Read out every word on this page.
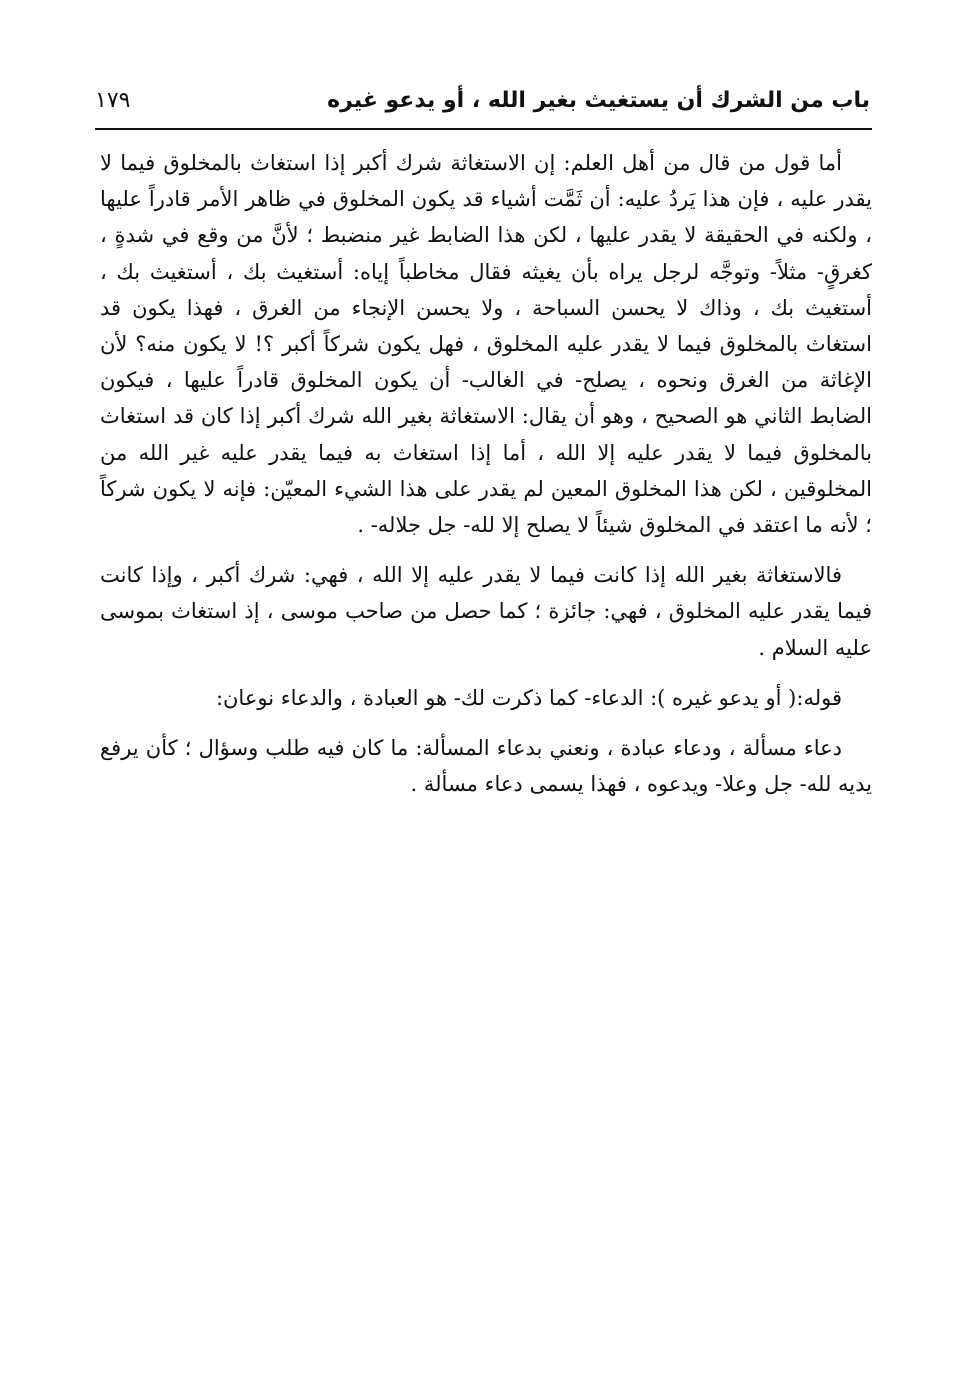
باب من الشرك أن يستغيث بغير الله ، أو يدعو غيره
١٧٩

أما قول من قال من أهل العلم: إن الاستغاثة شرك أكبر إذا استغاث بالمخلوق فيما لا يقدر عليه ، فإن هذا يَردُ عليه: أن ثَمَّت أشياء قد يكون المخلوق في ظاهر الأمر قادراً عليها ، ولكنه في الحقيقة لا يقدر عليها ، لكن هذا الضابط غير منضبط ؛ لأنَّ من وقع في شدةٍ ، كغرقٍ- مثلاً- وتوجَّه لرجل يراه بأن يغيثه فقال مخاطباً إياه: أستغيث بك ، أستغيث بك ، أستغيث بك ، وذاك لا يحسن السباحة ، ولا يحسن الإنجاء من الغرق ، فهذا يكون قد استغاث بالمخلوق فيما لا يقدر عليه المخلوق ، فهل يكون شركاً أكبر ؟! لا يكون منه؟ لأن الإغاثة من الغرق ونحوه ، يصلح- في الغالب- أن يكون المخلوق قادراً عليها ، فيكون الضابط الثاني هو الصحيح ، وهو أن يقال: الاستغاثة بغير الله شرك أكبر إذا كان قد استغاث بالمخلوق فيما لا يقدر عليه إلا الله ، أما إذا استغاث به فيما يقدر عليه غير الله من المخلوقين ، لكن هذا المخلوق المعين لم يقدر على هذا الشيء المعيّن: فإنه لا يكون شركاً ؛ لأنه ما اعتقد في المخلوق شيئاً لا يصلح إلا لله- جل جلاله- .

فالاستغاثة بغير الله إذا كانت فيما لا يقدر عليه إلا الله ، فهي: شرك أكبر ، وإذا كانت فيما يقدر عليه المخلوق ، فهي: جائزة ؛ كما حصل من صاحب موسى ، إذ استغاث بموسى عليه السلام .

قوله:( أو يدعو غيره ): الدعاء- كما ذكرت لك- هو العبادة ، والدعاء نوعان:

دعاء مسألة ، ودعاء عبادة ، ونعني بدعاء المسألة: ما كان فيه طلب وسؤال ؛ كأن يرفع يديه لله- جل وعلا- ويدعوه ، فهذا يسمى دعاء مسألة .
